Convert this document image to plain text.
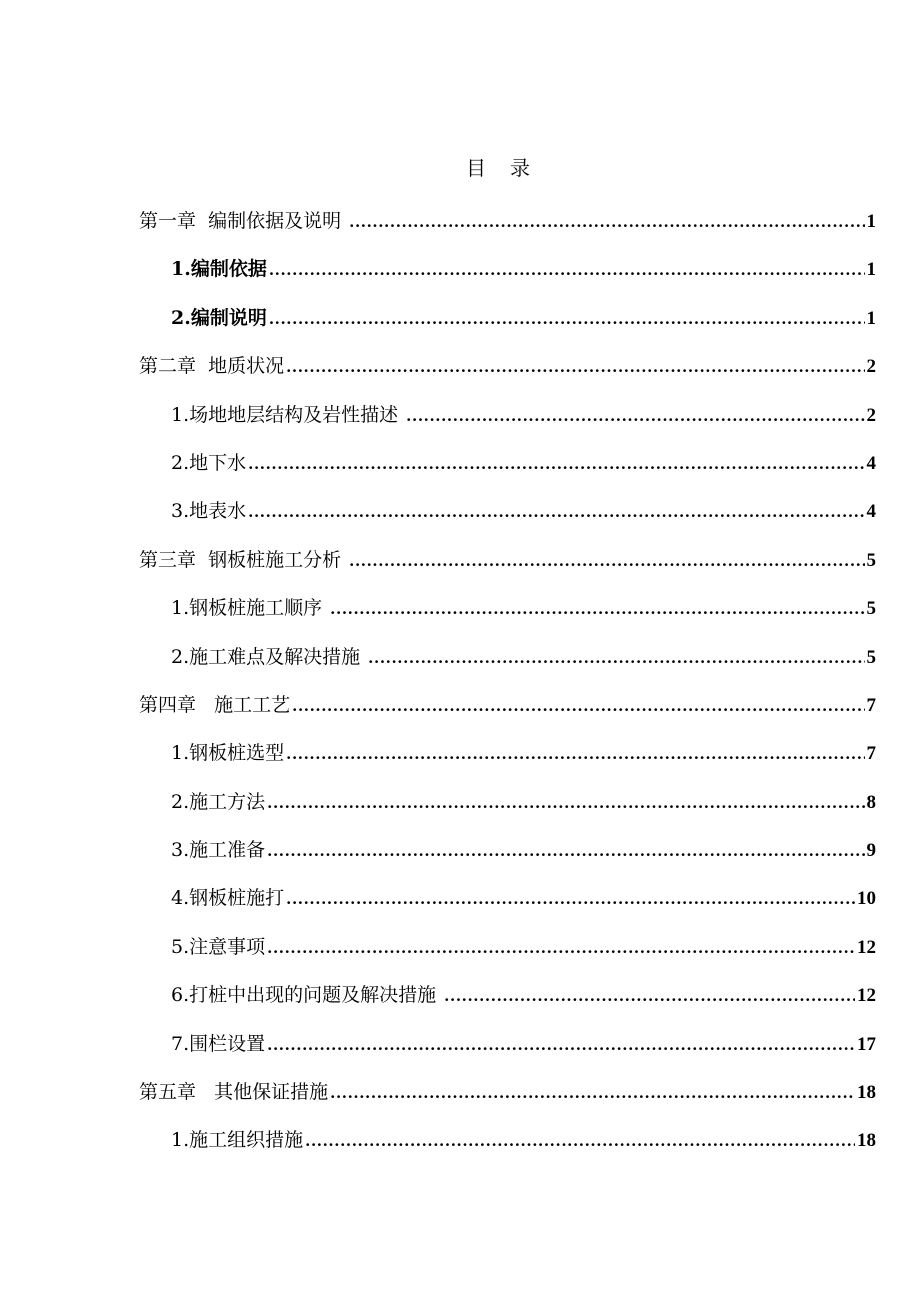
目录
第一章  编制依据及说明 .....	1
1.编制依据 .....	1
2.编制说明 .....	1
第二章  地质状况 .....	2
1.场地地层结构及岩性描述 .....	2
2.地下水 .....	4
3.地表水 .....	4
第三章  钢板桩施工分析 .....	5
1.钢板桩施工顺序 .....	5
2.施工难点及解决措施 .....	5
第四章   施工工艺 .....	7
1.钢板桩选型 .....	7
2.施工方法 .....	8
3.施工准备 .....	9
4.钢板桩施打 .....	10
5.注意事项 .....	12
6.打桩中出现的问题及解决措施 .....	12
7.围栏设置 .....	17
第五章   其他保证措施 .....	18
1.施工组织措施 .....	18
